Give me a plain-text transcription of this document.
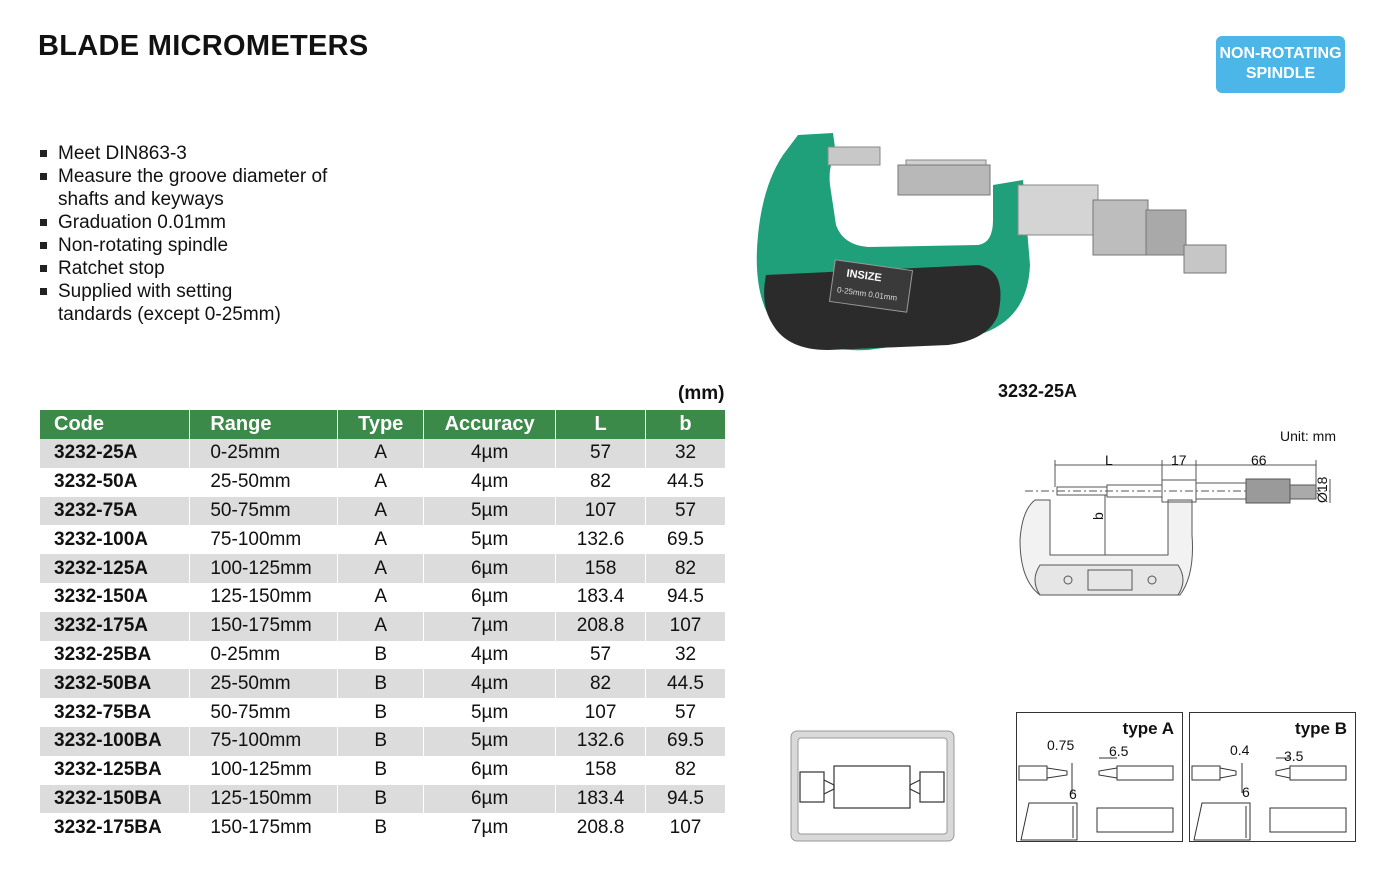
BLADE MICROMETERS	NON-ROTATING SPINDLE
Meet DIN863-3
Measure the groove diameter of shafts and keyways
Graduation 0.01mm
Non-rotating spindle
Ratchet stop
Supplied with setting tandards (except 0-25mm)
INSIZE
0-25mm 0.01mm
(mm)	3232-25A
Code	Range	Type	Accuracy	L	b
3232-25A	0-25mm	A	4µm	57	32
3232-50A	25-50mm	A	4µm	82	44.5
3232-75A	50-75mm	A	5µm	107	57
3232-100A	75-100mm	A	5µm	132.6	69.5
3232-125A	100-125mm	A	6µm	158	82
3232-150A	125-150mm	A	6µm	183.4	94.5
3232-175A	150-175mm	A	7µm	208.8	107
3232-25BA	0-25mm	B	4µm	57	32
3232-50BA	25-50mm	B	4µm	82	44.5
3232-75BA	50-75mm	B	5µm	107	57
3232-100BA	75-100mm	B	5µm	132.6	69.5
3232-125BA	100-125mm	B	6µm	158	82
3232-150BA	125-150mm	B	6µm	183.4	94.5
3232-175BA	150-175mm	B	7µm	208.8	107
Unit: mm
L	17	66
Ø18
b
type A
0.75 6.5
6
type B
0.4 3.5
6
